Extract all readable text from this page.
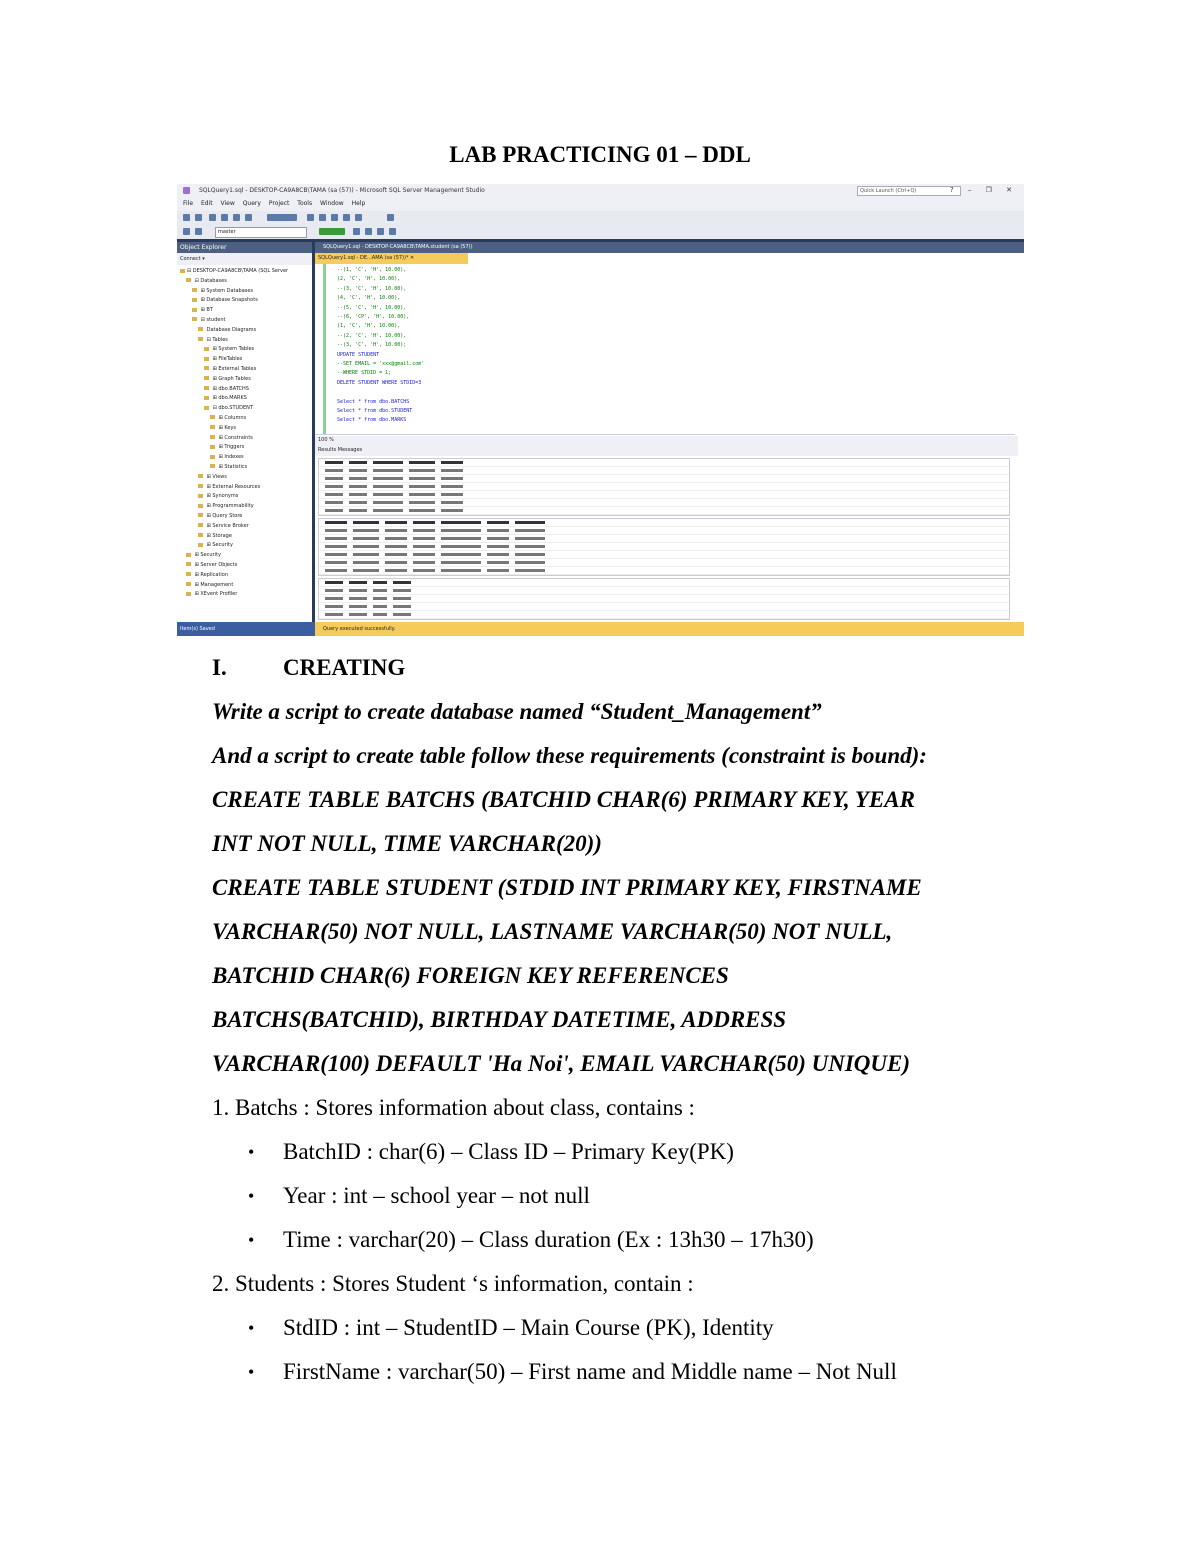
LAB PRACTICING 01 – DDL
SQLQuery1.sql - DESKTOP-CA9A8CB\TAMA (sa (57)) - Microsoft SQL Server Management Studio	Quick Launch (Ctrl+Q)	? – ❐ ✕
File Edit View Query Project Tools Window Help
master
Object Explorer
Connect ▾
⊟ DESKTOP-CA9A8CB\TAMA (SQL Server
⊟ Databases
⊞ System Databases
⊞ Database Snapshots
⊞ BT
⊟ student
Database Diagrams
⊟ Tables
⊞ System Tables
⊞ FileTables
⊞ External Tables
⊞ Graph Tables
⊞ dbo.BATCHS
⊞ dbo.MARKS
⊟ dbo.STUDENT
⊞ Columns
⊞ Keys
⊞ Constraints
⊞ Triggers
⊞ Indexes
⊞ Statistics
⊞ Views
⊞ External Resources
⊞ Synonyms
⊞ Programmability
⊞ Query Store
⊞ Service Broker
⊞ Storage
⊞ Security
⊞ Security
⊞ Server Objects
⊞ Replication
⊞ Management
⊞ XEvent Profiler
SQLQuery1.sql - DESKTOP-CA9A8CB\TAMA.student (sa (57))
SQLQuery1.sql - DE...AMA (sa (57))* ✕
--(1, 'C', 'H', 10.00),
(2, 'C', 'H', 10.00),
--(3, 'C', 'H', 10.00),
(4, 'C', 'H', 10.00),
--(5, 'C', 'H', 10.00),
--(6, 'CP', 'H', 10.00),
(1, 'C', 'H', 10.00),
--(2, 'C', 'H', 10.00),
--(3, 'C', 'H', 10.00);
UPDATE STUDENT
--SET EMAIL = 'xxx@gmail.com'
--WHERE STDID = 1;
DELETE STUDENT WHERE STDID=3
Select * from dbo.BATCHS
Select * from dbo.STUDENT
Select * from dbo.MARKS
100 %
Results Messages
Item(s) Saved	Query executed successfully.
I. CREATING

Write a script to create database named “Student_Management”

And a script to create table follow these requirements (constraint is bound):

CREATE TABLE BATCHS (BATCHID CHAR(6) PRIMARY KEY, YEAR

INT NOT NULL, TIME VARCHAR(20))

CREATE TABLE STUDENT (STDID INT PRIMARY KEY, FIRSTNAME

VARCHAR(50) NOT NULL, LASTNAME VARCHAR(50) NOT NULL,

BATCHID CHAR(6) FOREIGN KEY REFERENCES

BATCHS(BATCHID), BIRTHDAY DATETIME, ADDRESS

VARCHAR(100) DEFAULT 'Ha Noi', EMAIL VARCHAR(50) UNIQUE)

1. Batchs : Stores information about class, contains :

• BatchID : char(6) – Class ID – Primary Key(PK)

• Year : int – school year – not null

• Time : varchar(20) – Class duration (Ex : 13h30 – 17h30)

2. Students : Stores Student ‘s information, contain :

• StdID : int – StudentID – Main Course (PK), Identity

• FirstName : varchar(50) – First name and Middle name – Not Null
